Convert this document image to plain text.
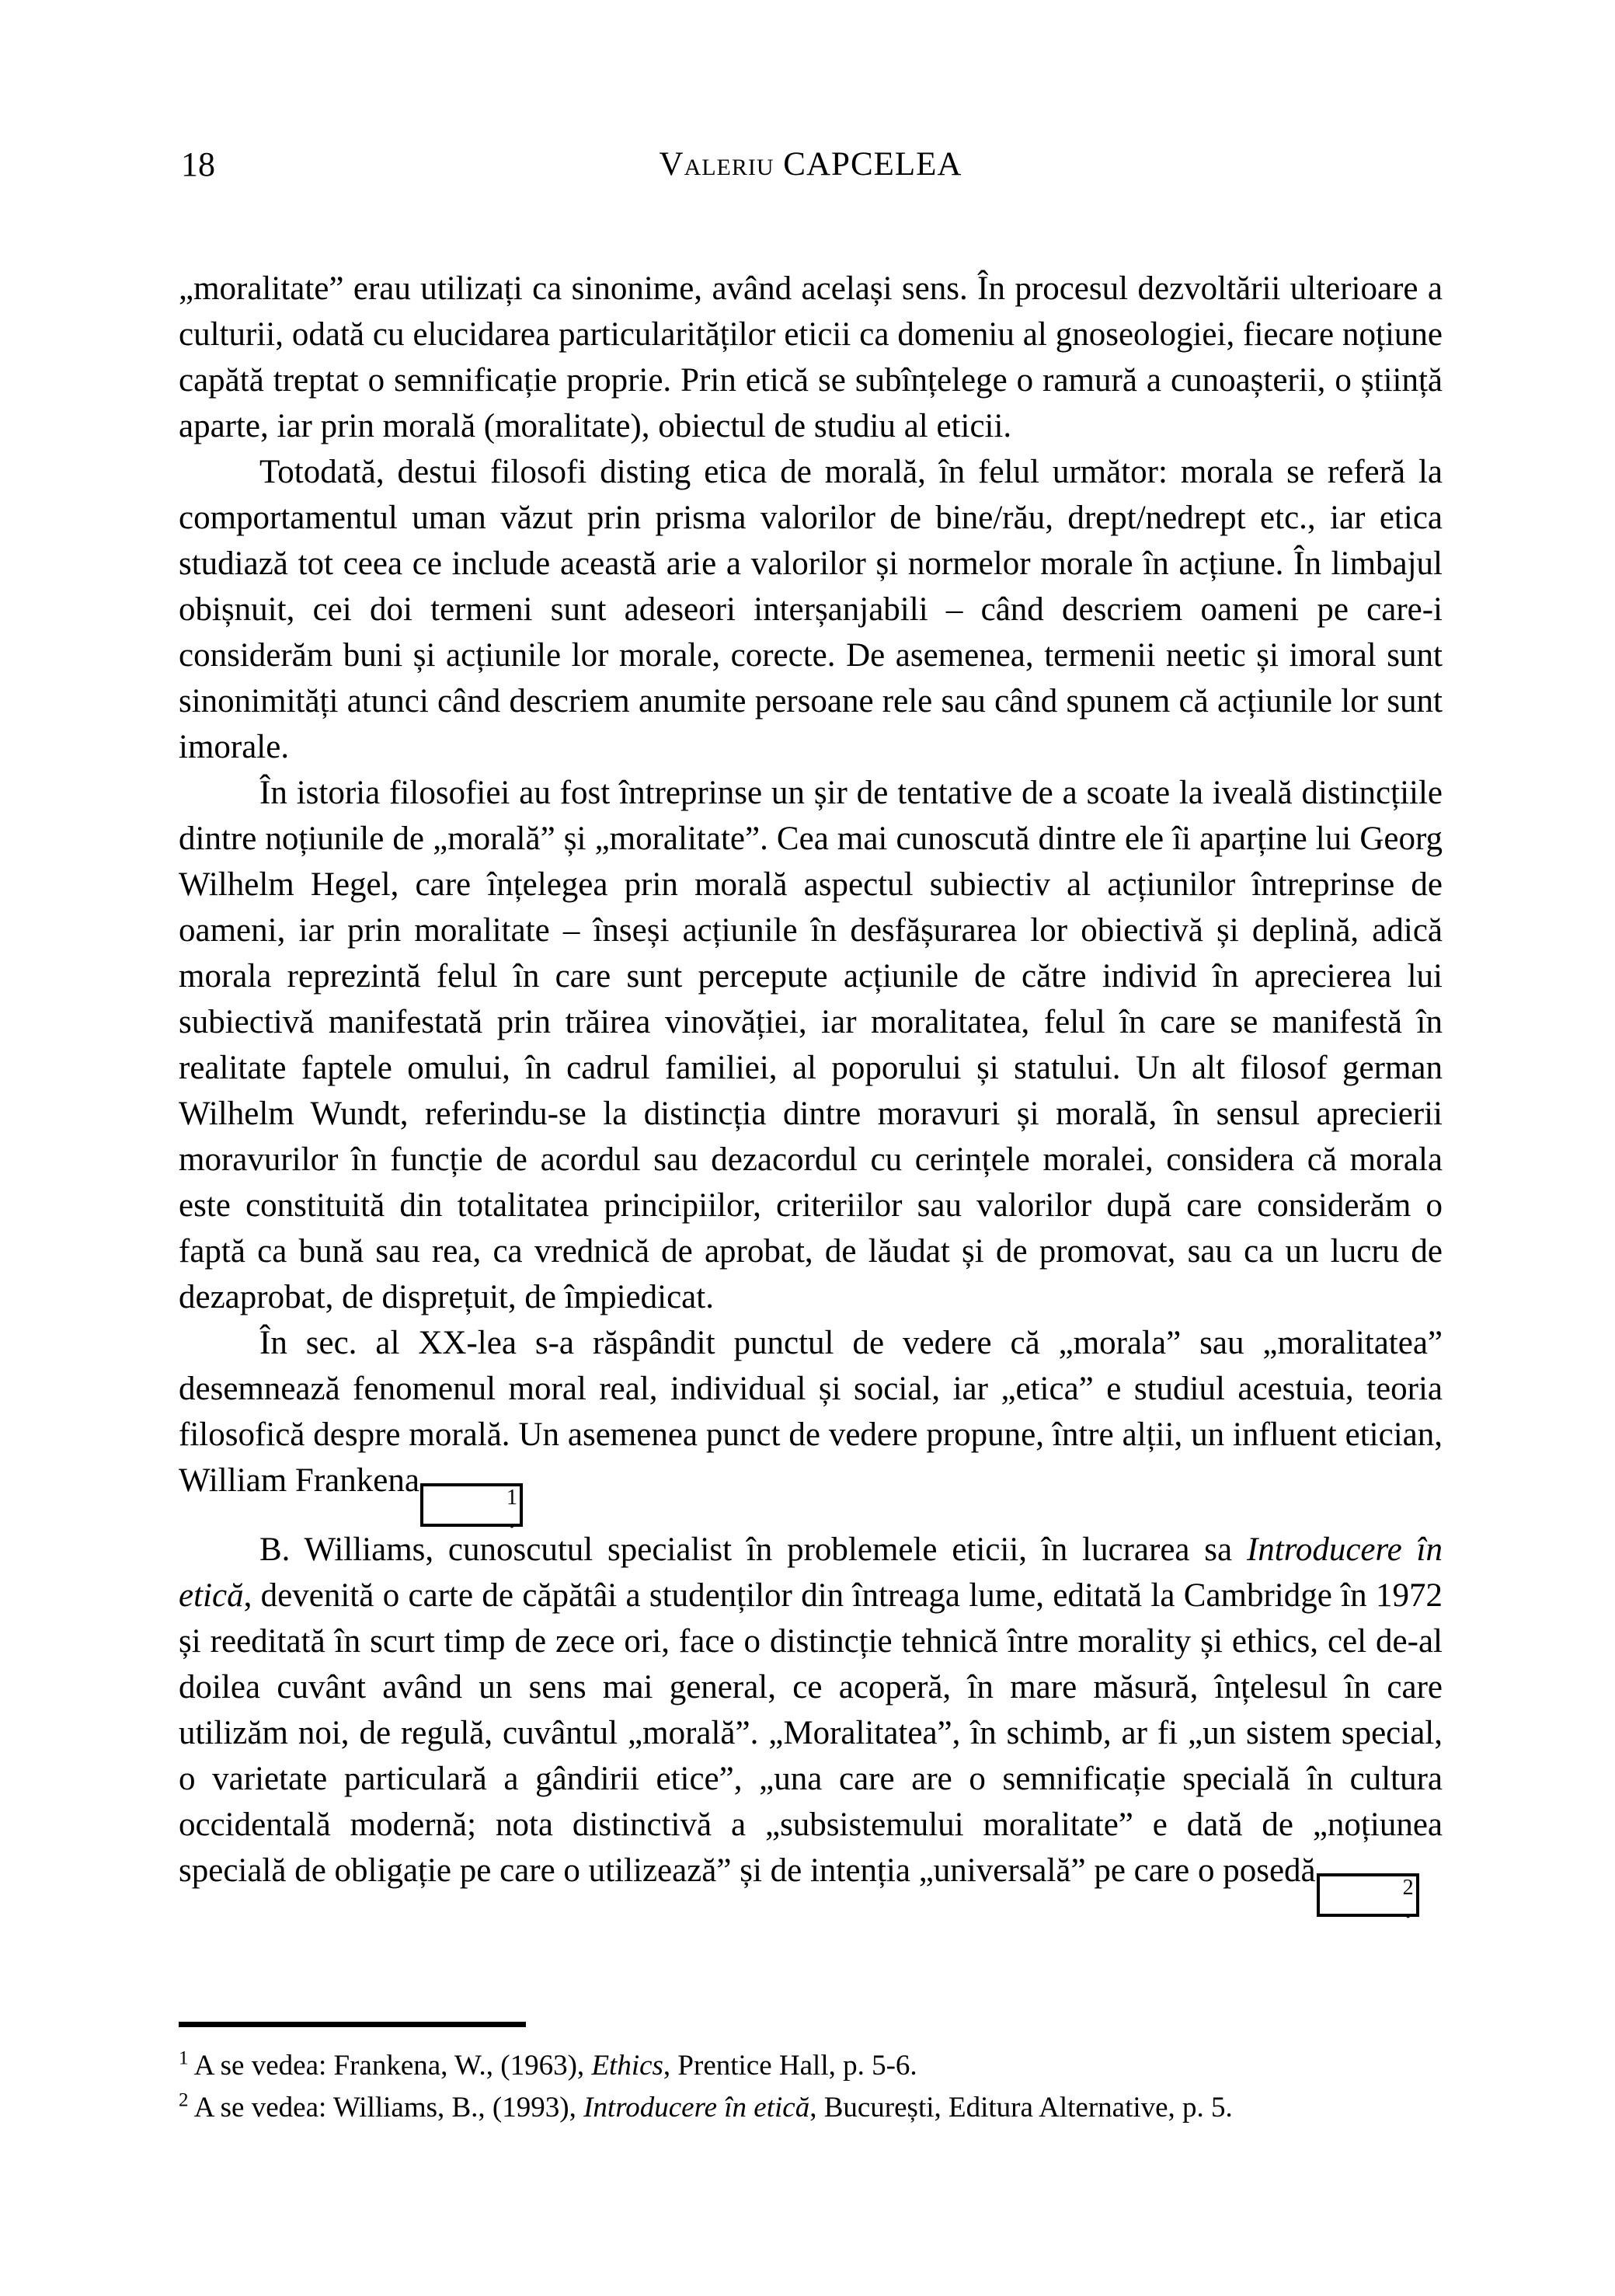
18	Valeriu CAPCELEA

„moralitate” erau utilizați ca sinonime, având același sens. În procesul dezvoltării ulterioare a culturii, odată cu elucidarea particularităților eticii ca domeniu al gnoseologiei, fiecare noțiune capătă treptat o semnificație proprie. Prin etică se subînțelege o ramură a cunoașterii, o știință aparte, iar prin morală (moralitate), obiectul de studiu al eticii.

Totodată, destui filosofi disting etica de morală, în felul următor: morala se referă la comportamentul uman văzut prin prisma valorilor de bine/rău, drept/nedrept etc., iar etica studiază tot ceea ce include această arie a valorilor și normelor morale în acțiune. În limbajul obișnuit, cei doi termeni sunt adeseori interșanjabili – când descriem oameni pe care-i considerăm buni și acțiunile lor morale, corecte. De asemenea, termenii neetic și imoral sunt sinonimități atunci când descriem anumite persoane rele sau când spunem că acțiunile lor sunt imorale.

În istoria filosofiei au fost întreprinse un șir de tentative de a scoate la iveală distincțiile dintre noțiunile de „morală” și „moralitate”. Cea mai cunoscută dintre ele îi aparține lui Georg Wilhelm Hegel, care înțelegea prin morală aspectul subiectiv al acțiunilor întreprinse de oameni, iar prin moralitate – înseși acțiunile în desfășurarea lor obiectivă și deplină, adică morala reprezintă felul în care sunt percepute acțiunile de către individ în aprecierea lui subiectivă manifestată prin trăirea vinovăției, iar moralitatea, felul în care se manifestă în realitate faptele omului, în cadrul familiei, al poporului și statului. Un alt filosof german Wilhelm Wundt, referindu-se la distincția dintre moravuri și morală, în sensul aprecierii moravurilor în funcție de acordul sau dezacordul cu cerințele moralei, considera că morala este constituită din totalitatea principiilor, criteriilor sau valorilor după care considerăm o faptă ca bună sau rea, ca vrednică de aprobat, de lăudat și de promovat, sau ca un lucru de dezaprobat, de disprețuit, de împiedicat.

În sec. al XX-lea s-a răspândit punctul de vedere că „morala” sau „moralitatea” desemnează fenomenul moral real, individual și social, iar „etica” e studiul acestuia, teoria filosofică despre morală. Un asemenea punct de vedere propune, între alții, un influent etician, William Frankena	1
.

B. Williams, cunoscutul specialist în problemele eticii, în lucrarea sa Introducere în etică, devenită o carte de căpătâi a studenților din întreaga lume, editată la Cambridge în 1972 și reeditată în scurt timp de zece ori, face o distincție tehnică între morality și ethics, cel de-al doilea cuvânt având un sens mai general, ce acoperă, în mare măsură, înțelesul în care utilizăm noi, de regulă, cuvântul „morală”. „Moralitatea”, în schimb, ar fi „un sistem special, o varietate particulară a gândirii etice”, „una care are o semnificație specială în cultura occidentală modernă; nota distinctivă a „subsistemului moralitate” e dată de „noțiunea specială de obligație pe care o utilizează” și de intenția „universală” pe care o posedă	2
.

$^1$ A se vedea: Frankena, W., (1963), Ethics, Prentice Hall, p. 5-6.
$^2$ A se vedea: Williams, B., (1993), Introducere în etică, București, Editura Alternative, p. 5.
